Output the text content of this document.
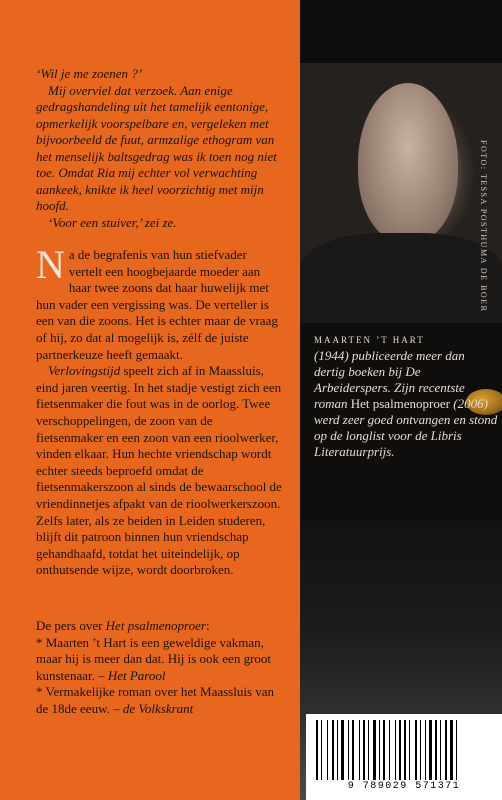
‘Wil je me zoenen ?’

Mij overviel dat verzoek. Aan enige gedragshandeling uit het tamelijk eentonige, opmerkelijk voorspelbare en, vergeleken met bijvoorbeeld de fuut, armzalige ethogram van het menselijk baltsgedrag was ik toen nog niet toe. Omdat Ria mij echter vol verwachting aankeek, knikte ik heel voorzichtig met mijn hoofd.

‘Voor een stuiver,’ zei ze.

Na de begrafenis van hun stiefvader vertelt een hoogbejaarde moeder aan haar twee zoons dat haar huwelijk met hun vader een vergissing was. De verteller is een van die zoons. Het is echter maar de vraag of hij, zo dat al mogelijk is, zélf de juiste partnerkeuze heeft gemaakt.

Verlovingstijd speelt zich af in Maassluis, eind jaren veertig. In het stadje vestigt zich een fietsenmaker die fout was in de oorlog. Twee verschoppelingen, de zoon van de fietsenmaker en een zoon van een rioolwerker, vinden elkaar. Hun hechte vriendschap wordt echter steeds beproefd omdat de fietsenmakerszoon al sinds de bewaarschool de vriendinnetjes afpakt van de rioolwerkerszoon. Zelfs later, als ze beiden in Leiden studeren, blijft dit patroon binnen hun vriendschap gehandhaafd, totdat het uiteindelijk, op onthutsende wijze, wordt doorbroken.

De pers over Het psalmenoproer:

* Maarten ’t Hart is een geweldige vakman, maar hij is meer dan dat. Hij is ook een groot kunstenaar. – Het Parool

* Vermakelijke roman over het Maassluis van de 18de eeuw. – de Volkskrant

FOTO: TESSA POSTHUMA DE BOER
MAARTEN ’T HART
(1944) publiceerde meer dan dertig boeken bij De Arbeiderspers. Zijn recentste roman Het psalmenoproer (2006) werd zeer goed ontvangen en stond op de longlist voor de Libris Literatuurprijs.
9 789029 571371
